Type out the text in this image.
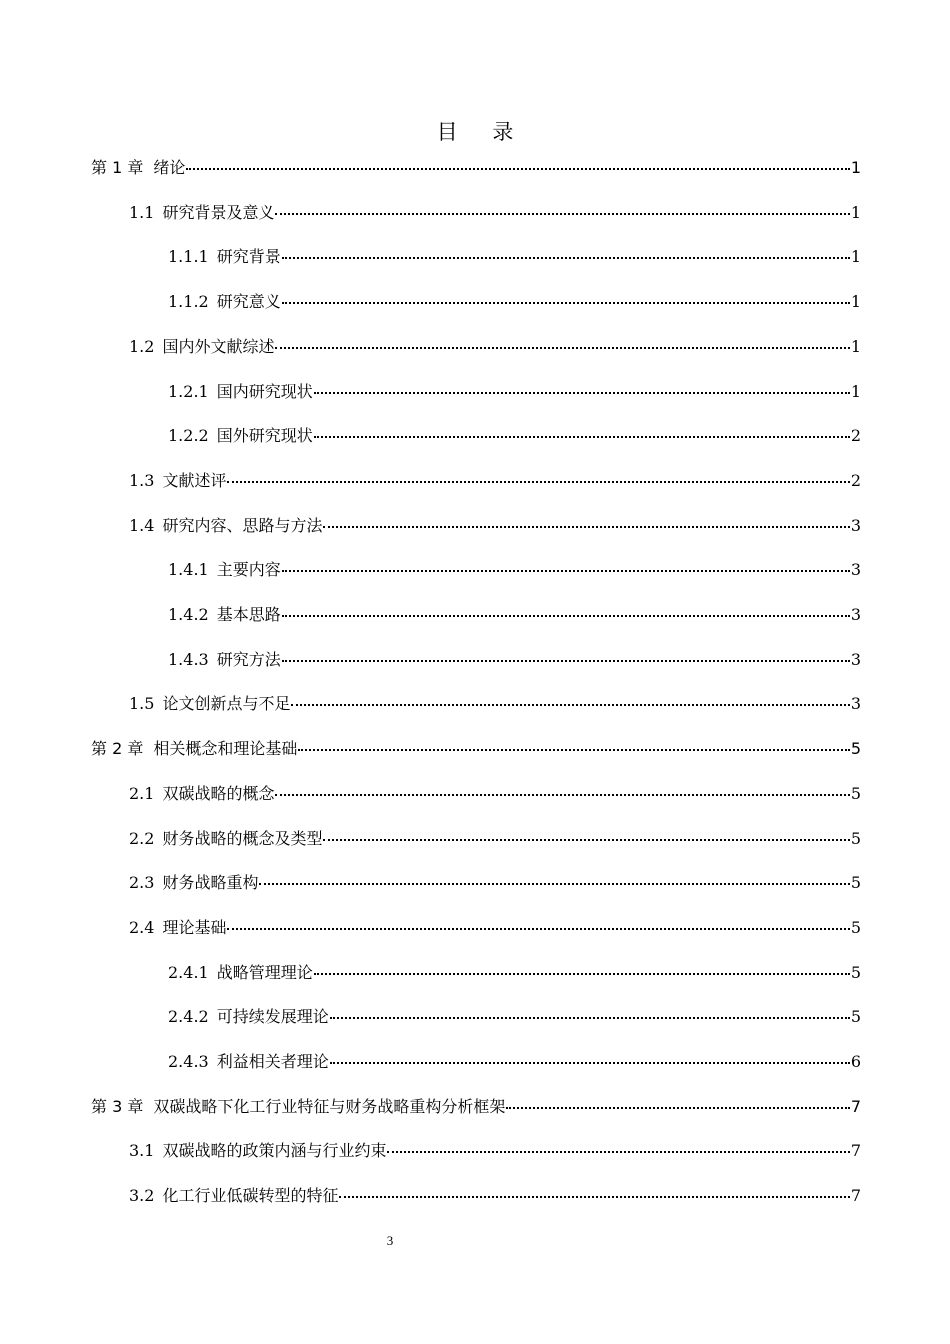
目 录
第 1 章 绪论	1
1.1 研究背景及意义	1
1.1.1 研究背景	1
1.1.2 研究意义	1
1.2 国内外文献综述	1
1.2.1 国内研究现状	1
1.2.2 国外研究现状	2
1.3 文献述评	2
1.4 研究内容、思路与方法	3
1.4.1 主要内容	3
1.4.2 基本思路	3
1.4.3 研究方法	3
1.5 论文创新点与不足	3
第 2 章 相关概念和理论基础	5
2.1 双碳战略的概念	5
2.2 财务战略的概念及类型	5
2.3 财务战略重构	5
2.4 理论基础	5
2.4.1 战略管理理论	5
2.4.2 可持续发展理论	5
2.4.3 利益相关者理论	6
第 3 章 双碳战略下化工行业特征与财务战略重构分析框架	7
3.1 双碳战略的政策内涵与行业约束	7
3.2 化工行业低碳转型的特征	7
3
